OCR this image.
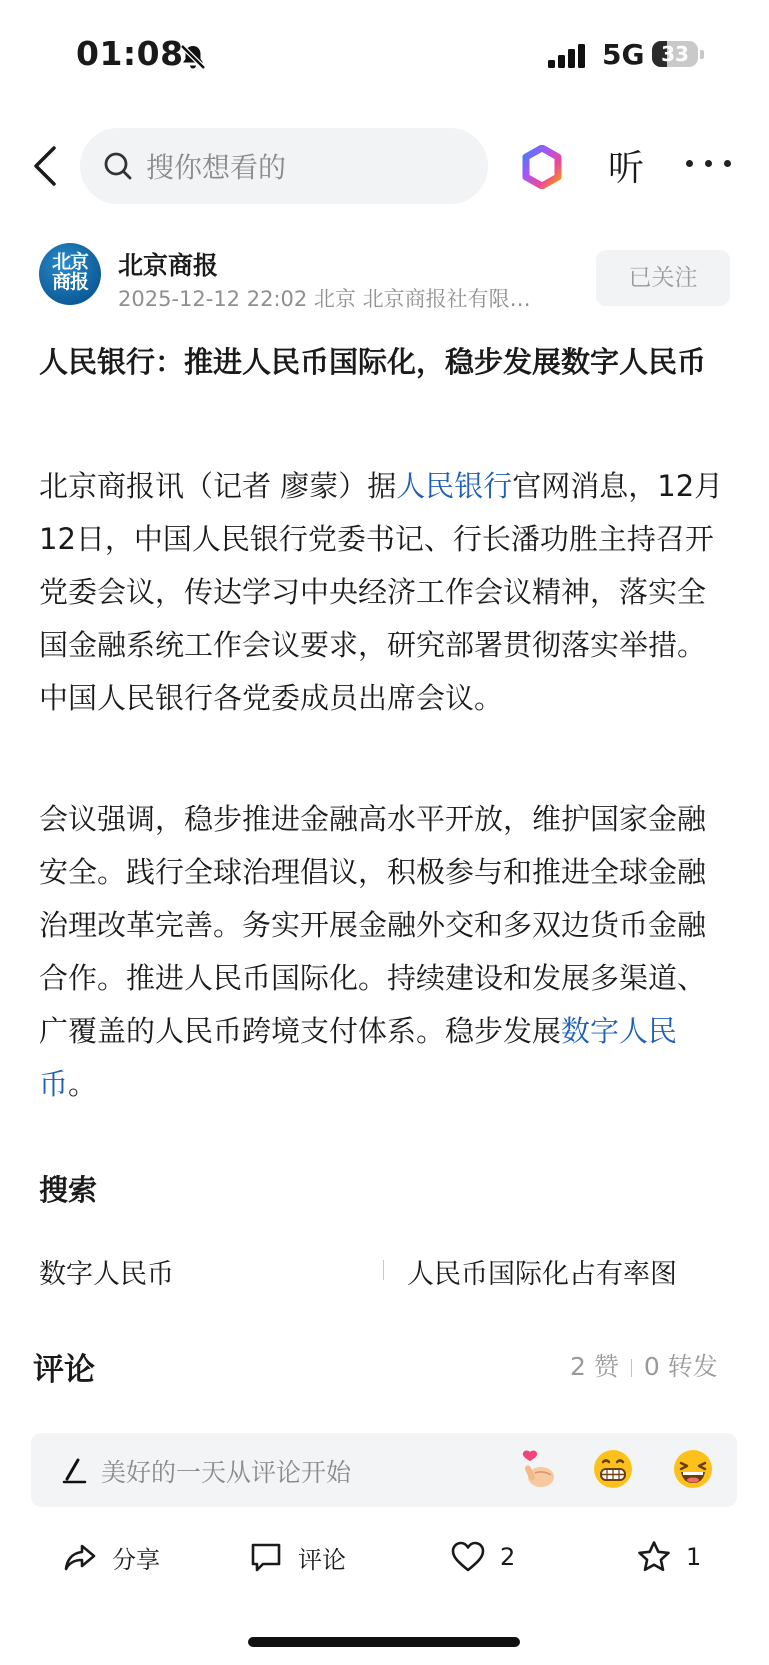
01:08	5G 33
搜你想看的	听
北京
商报
北京商报
2025-12-12 22:02 北京 北京商报社有限…
已关注
人民银行：推进人民币国际化，稳步发展数字人民币
北京商报讯（记者 廖蒙）据人民银行官网消息，12月12日，中国人民银行党委书记、行长潘功胜主持召开党委会议，传达学习中央经济工作会议精神，落实全国金融系统工作会议要求，研究部署贯彻落实举措。中国人民银行各党委成员出席会议。
会议强调，稳步推进金融高水平开放，维护国家金融安全。践行全球治理倡议，积极参与和推进全球金融治理改革完善。务实开展金融外交和多双边货币金融合作。推进人民币国际化。持续建设和发展多渠道、广覆盖的人民币跨境支付体系。稳步发展数字人民币。
搜索
数字人民币	人民币国际化占有率图
评论	2 赞 0 转发
美好的一天从评论开始
分享	评论	2	1
